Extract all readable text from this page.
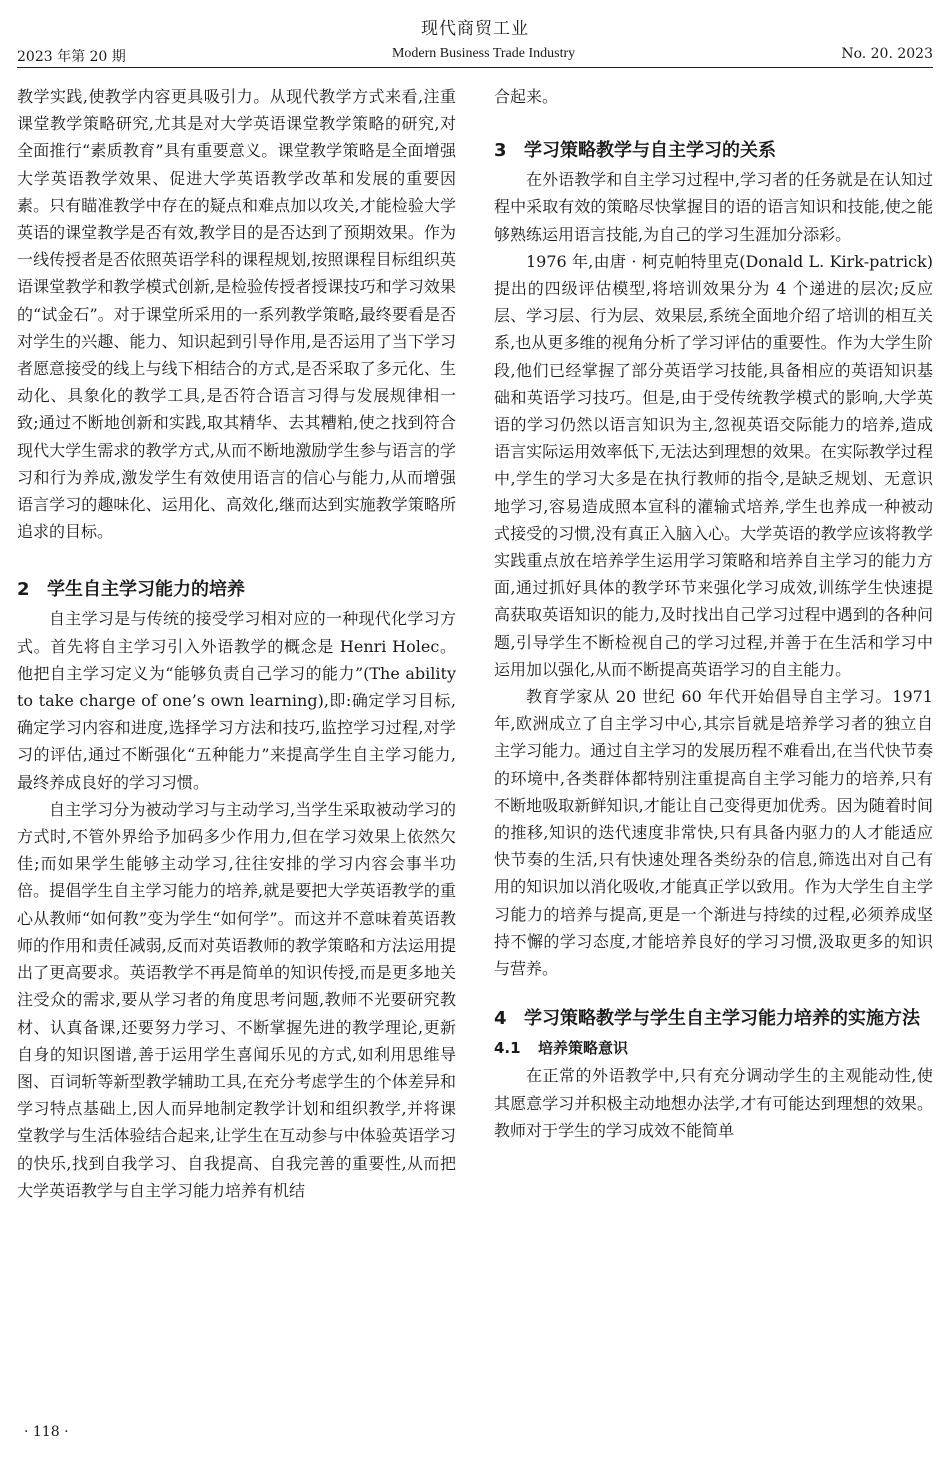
现代商贸工业
2023 年第 20 期	Modern Business Trade Industry	No. 20. 2023

教学实践,使教学内容更具吸引力。从现代教学方式来看,注重课堂教学策略研究,尤其是对大学英语课堂教学策略的研究,对全面推行“素质教育”具有重要意义。课堂教学策略是全面增强大学英语教学效果、促进大学英语教学改革和发展的重要因素。只有瞄准教学中存在的疑点和难点加以攻关,才能检验大学英语的课堂教学是否有效,教学目的是否达到了预期效果。作为一线传授者是否依照英语学科的课程规划,按照课程目标组织英语课堂教学和教学模式创新,是检验传授者授课技巧和学习效果的“试金石”。对于课堂所采用的一系列教学策略,最终要看是否对学生的兴趣、能力、知识起到引导作用,是否运用了当下学习者愿意接受的线上与线下相结合的方式,是否采取了多元化、生动化、具象化的教学工具,是否符合语言习得与发展规律相一致;通过不断地创新和实践,取其精华、去其糟粕,使之找到符合现代大学生需求的教学方式,从而不断地激励学生参与语言的学习和行为养成,激发学生有效使用语言的信心与能力,从而增强语言学习的趣味化、运用化、高效化,继而达到实施教学策略所追求的目标。

2 学生自主学习能力的培养

自主学习是与传统的接受学习相对应的一种现代化学习方式。首先将自主学习引入外语教学的概念是 Henri Holec。他把自主学习定义为“能够负责自己学习的能力”(The ability to take charge of one’s own learning),即:确定学习目标,确定学习内容和进度,选择学习方法和技巧,监控学习过程,对学习的评估,通过不断强化“五种能力”来提高学生自主学习能力,最终养成良好的学习习惯。

自主学习分为被动学习与主动学习,当学生采取被动学习的方式时,不管外界给予加码多少作用力,但在学习效果上依然欠佳;而如果学生能够主动学习,往往安排的学习内容会事半功倍。提倡学生自主学习能力的培养,就是要把大学英语教学的重心从教师“如何教”变为学生“如何学”。而这并不意味着英语教师的作用和责任减弱,反而对英语教师的教学策略和方法运用提出了更高要求。英语教学不再是简单的知识传授,而是更多地关注受众的需求,要从学习者的角度思考问题,教师不光要研究教材、认真备课,还要努力学习、不断掌握先进的教学理论,更新自身的知识图谱,善于运用学生喜闻乐见的方式,如利用思维导图、百词斩等新型教学辅助工具,在充分考虑学生的个体差异和学习特点基础上,因人而异地制定教学计划和组织教学,并将课堂教学与生活体验结合起来,让学生在互动参与中体验英语学习的快乐,找到自我学习、自我提高、自我完善的重要性,从而把大学英语教学与自主学习能力培养有机结

合起来。

3 学习策略教学与自主学习的关系

在外语教学和自主学习过程中,学习者的任务就是在认知过程中采取有效的策略尽快掌握目的语的语言知识和技能,使之能够熟练运用语言技能,为自己的学习生涯加分添彩。

1976 年,由唐 · 柯克帕特里克(Donald L. Kirk-patrick)提出的四级评估模型,将培训效果分为 4 个递进的层次;反应层、学习层、行为层、效果层,系统全面地介绍了培训的相互关系,也从更多维的视角分析了学习评估的重要性。作为大学生阶段,他们已经掌握了部分英语学习技能,具备相应的英语知识基础和英语学习技巧。但是,由于受传统教学模式的影响,大学英语的学习仍然以语言知识为主,忽视英语交际能力的培养,造成语言实际运用效率低下,无法达到理想的效果。在实际教学过程中,学生的学习大多是在执行教师的指令,是缺乏规划、无意识地学习,容易造成照本宣科的灌输式培养,学生也养成一种被动式接受的习惯,没有真正入脑入心。大学英语的教学应该将教学实践重点放在培养学生运用学习策略和培养自主学习的能力方面,通过抓好具体的教学环节来强化学习成效,训练学生快速提高获取英语知识的能力,及时找出自己学习过程中遇到的各种问题,引导学生不断检视自己的学习过程,并善于在生活和学习中运用加以强化,从而不断提高英语学习的自主能力。

教育学家从 20 世纪 60 年代开始倡导自主学习。1971 年,欧洲成立了自主学习中心,其宗旨就是培养学习者的独立自主学习能力。通过自主学习的发展历程不难看出,在当代快节奏的环境中,各类群体都特别注重提高自主学习能力的培养,只有不断地吸取新鲜知识,才能让自己变得更加优秀。因为随着时间的推移,知识的迭代速度非常快,只有具备内驱力的人才能适应快节奏的生活,只有快速处理各类纷杂的信息,筛选出对自己有用的知识加以消化吸收,才能真正学以致用。作为大学生自主学习能力的培养与提高,更是一个渐进与持续的过程,必须养成坚持不懈的学习态度,才能培养良好的学习习惯,汲取更多的知识与营养。

4 学习策略教学与学生自主学习能力培养的实施方法
4.1 培养策略意识

在正常的外语教学中,只有充分调动学生的主观能动性,使其愿意学习并积极主动地想办法学,才有可能达到理想的效果。教师对于学生的学习成效不能简单

· 118 ·
